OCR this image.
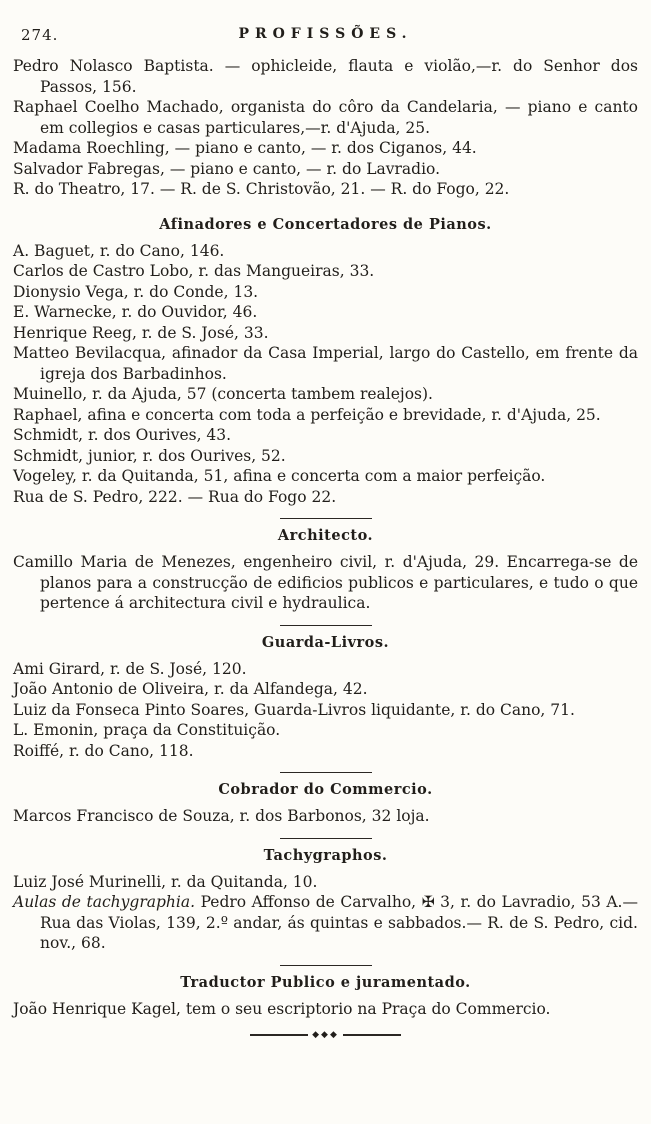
274.	PROFISSÕES.

Pedro Nolasco Baptista. — ophicleide, flauta e violão,—r. do Senhor dos Passos, 156.

Raphael Coelho Machado, organista do côro da Candelaria, — piano e canto em collegios e casas particulares,—r. d'Ajuda, 25.

Madama Roechling, — piano e canto, — r. dos Ciganos, 44.

Salvador Fabregas, — piano e canto, — r. do Lavradio.

R. do Theatro, 17. — R. de S. Christovão, 21. — R. do Fogo, 22.

Afinadores e Concertadores de Pianos.

A. Baguet, r. do Cano, 146.

Carlos de Castro Lobo, r. das Mangueiras, 33.

Dionysio Vega, r. do Conde, 13.

E. Warnecke, r. do Ouvidor, 46.

Henrique Reeg, r. de S. José, 33.

Matteo Bevilacqua, afinador da Casa Imperial, largo do Castello, em frente da igreja dos Barbadinhos.

Muinello, r. da Ajuda, 57 (concerta tambem realejos).

Raphael, afina e concerta com toda a perfeição e brevidade, r. d'Ajuda, 25.

Schmidt, r. dos Ourives, 43.

Schmidt, junior, r. dos Ourives, 52.

Vogeley, r. da Quitanda, 51, afina e concerta com a maior perfeição.

Rua de S. Pedro, 222. — Rua do Fogo 22.

Architecto.

Camillo Maria de Menezes, engenheiro civil, r. d'Ajuda, 29. Encarrega-se de planos para a construcção de edificios publicos e particulares, e tudo o que pertence á architectura civil e hydraulica.

Guarda-Livros.

Ami Girard, r. de S. José, 120.

João Antonio de Oliveira, r. da Alfandega, 42.

Luiz da Fonseca Pinto Soares, Guarda-Livros liquidante, r. do Cano, 71.

L. Emonin, praça da Constituição.

Roiffé, r. do Cano, 118.

Cobrador do Commercio.

Marcos Francisco de Souza, r. dos Barbonos, 32 loja.

Tachygraphos.

Luiz José Murinelli, r. da Quitanda, 10.

Aulas de tachygraphia. Pedro Affonso de Carvalho, ✠ 3, r. do Lavradio, 53 A.—Rua das Violas, 139, 2.º andar, ás quintas e sabbados.— R. de S. Pedro, cid. nov., 68.

Traductor Publico e juramentado.

João Henrique Kagel, tem o seu escriptorio na Praça do Commercio.

◆◆◆
